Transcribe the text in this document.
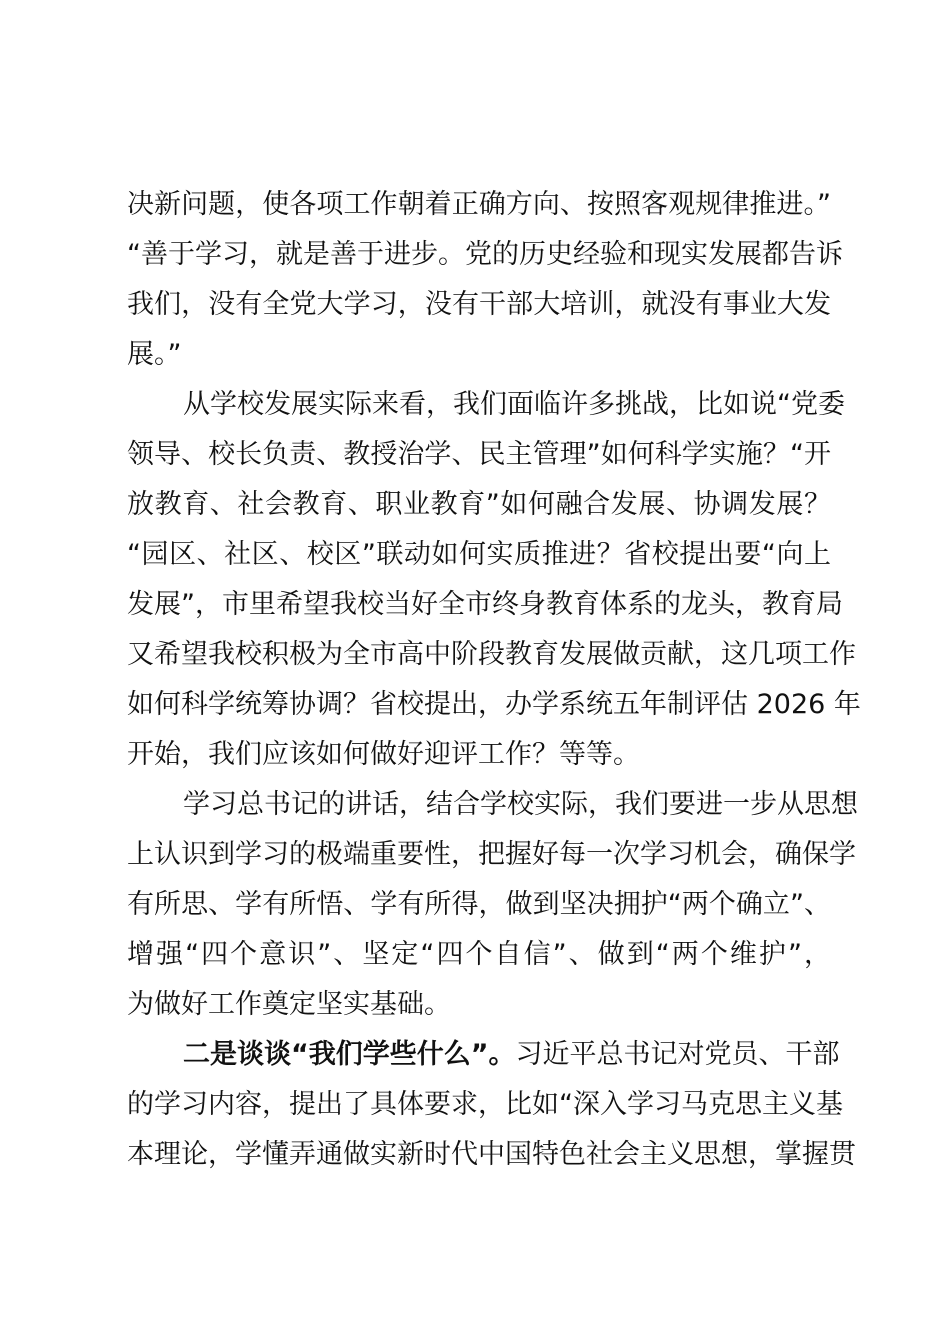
决新问题，使各项工作朝着正确方向、按照客观规律推进。”
“善于学习，就是善于进步。党的历史经验和现实发展都告诉
我们，没有全党大学习，没有干部大培训，就没有事业大发
展。”
从学校发展实际来看，我们面临许多挑战，比如说“党委
领导、校长负责、教授治学、民主管理”如何科学实施？“开
放教育、社会教育、职业教育”如何融合发展、协调发展？
“园区、社区、校区”联动如何实质推进？省校提出要“向上
发展”，市里希望我校当好全市终身教育体系的龙头，教育局
又希望我校积极为全市高中阶段教育发展做贡献，这几项工作
如何科学统筹协调？省校提出，办学系统五年制评估 2026 年
开始，我们应该如何做好迎评工作？等等。
学习总书记的讲话，结合学校实际，我们要进一步从思想
上认识到学习的极端重要性，把握好每一次学习机会，确保学
有所思、学有所悟、学有所得，做到坚决拥护“两个确立”、
增强“四个意识”、坚定“四个自信”、做到“两个维护”，
为做好工作奠定坚实基础。
二是谈谈“我们学些什么”。习近平总书记对党员、干部
的学习内容，提出了具体要求，比如“深入学习马克思主义基
本理论，学懂弄通做实新时代中国特色社会主义思想，掌握贯
